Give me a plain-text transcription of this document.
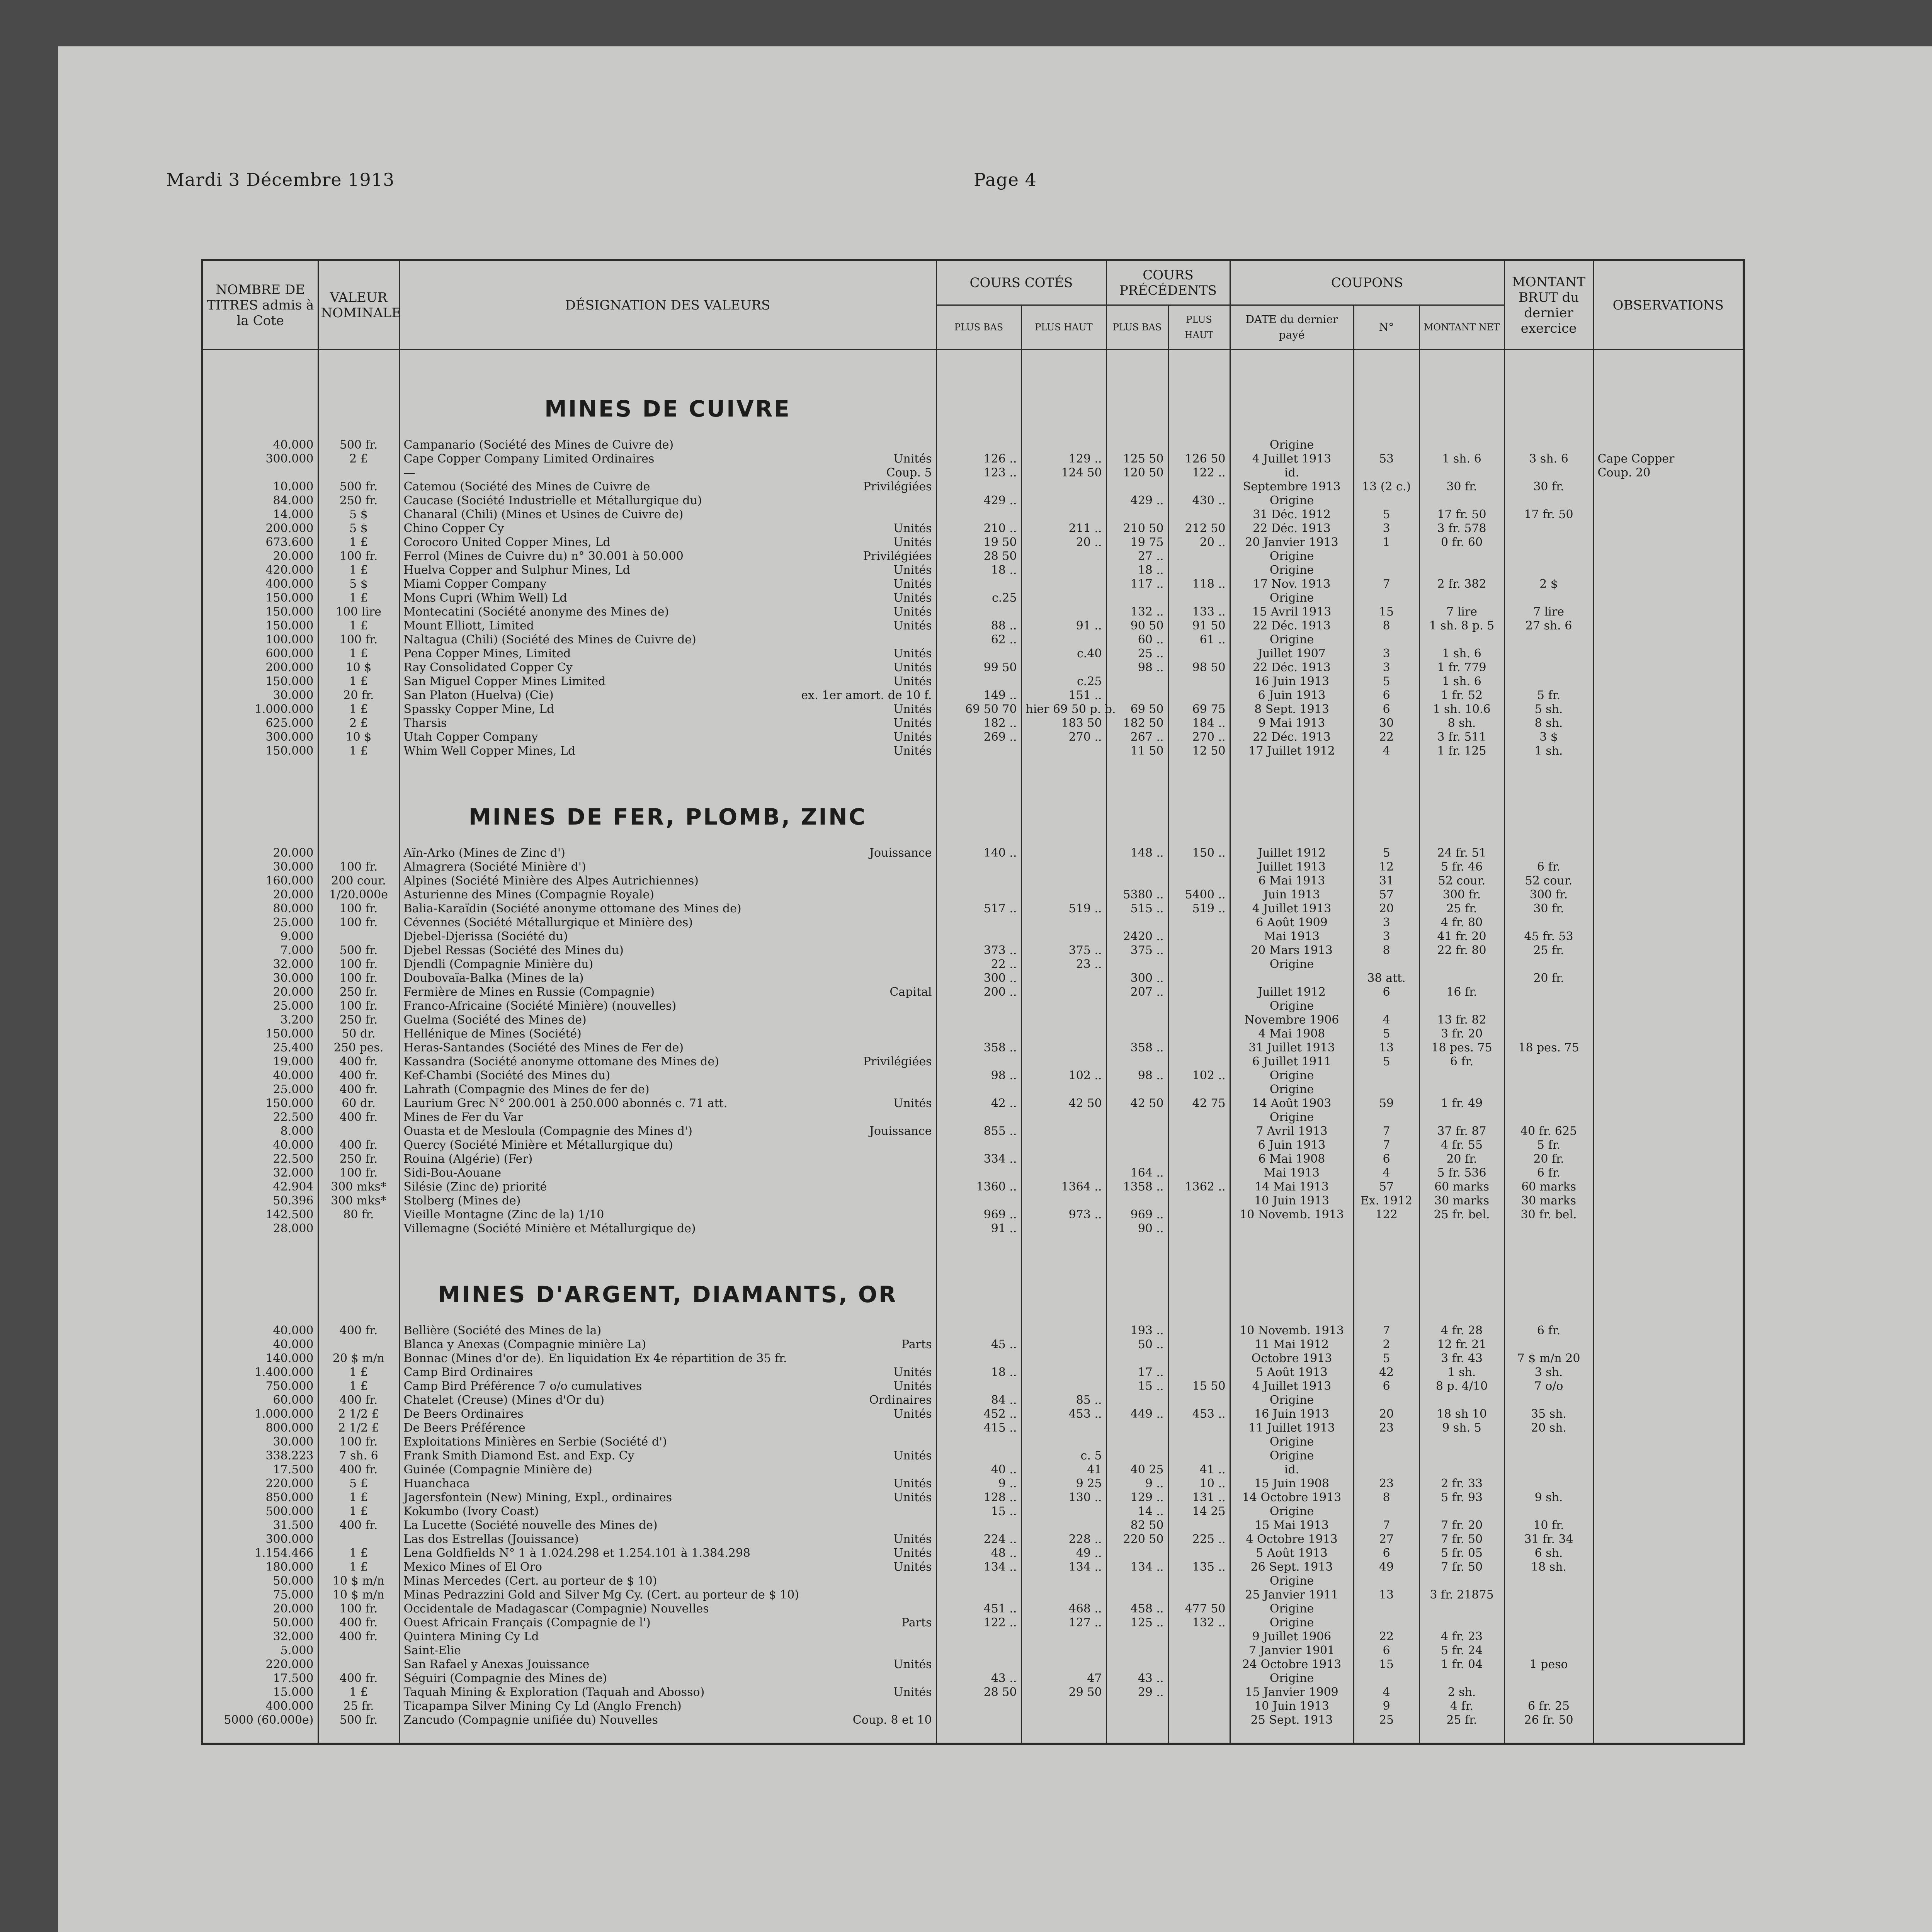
Mardi 3 Décembre 1913	Page 4
NOMBRE DE TITRES admis à la Cote	VALEUR NOMINALE	DÉSIGNATION DES VALEURS	COURS COTÉS		COURS PRÉCÉDENTS		COUPONS			MONTANT BRUT du dernier exercice	OBSERVATIONS
			PLUS BAS	PLUS HAUT	PLUS BAS	PLUS HAUT	DATE du dernier payé	N°	MONTANT NET		

		MINES DE CUIVRE									

40.000	500 fr.	Campanario (Société des Mines de Cuivre de)					Origine				
300.000	2 £	Cape Copper Company Limited Ordinaires Unités	126 ..	129 ..	125 50	126 50	4 Juillet 1913	53	1 sh. 6	3 sh. 6	Cape Copper
		— Coup. 5	123 ..	124 50	120 50	122 ..	id.				Coup. 20
10.000	500 fr.	Catemou (Société des Mines de Cuivre de Privilégiées					Septembre 1913	13 (2 c.)	30 fr.	30 fr.	
84.000	250 fr.	Caucase (Société Industrielle et Métallurgique du)	429 ..		429 ..	430 ..	Origine				
14.000	5 $	Chanaral (Chili) (Mines et Usines de Cuivre de)					31 Déc. 1912	5	17 fr. 50	17 fr. 50	
200.000	5 $	Chino Copper Cy Unités	210 ..	211 ..	210 50	212 50	22 Déc. 1913	3	3 fr. 578		
673.600	1 £	Corocoro United Copper Mines, Ld Unités	19 50	20 ..	19 75	20 ..	20 Janvier 1913	1	0 fr. 60		
20.000	100 fr.	Ferrol (Mines de Cuivre du) n° 30.001 à 50.000 Privilégiées	28 50		27 ..		Origine				
420.000	1 £	Huelva Copper and Sulphur Mines, Ld Unités	18 ..		18 ..		Origine				
400.000	5 $	Miami Copper Company Unités			117 ..	118 ..	17 Nov. 1913	7	2 fr. 382	2 $	
150.000	1 £	Mons Cupri (Whim Well) Ld Unités	c.25				Origine				
150.000	100 lire	Montecatini (Société anonyme des Mines de) Unités			132 ..	133 ..	15 Avril 1913	15	7 lire	7 lire	
150.000	1 £	Mount Elliott, Limited Unités	88 ..	91 ..	90 50	91 50	22 Déc. 1913	8	1 sh. 8 p. 5	27 sh. 6	
100.000	100 fr.	Naltagua (Chili) (Société des Mines de Cuivre de)	62 ..		60 ..	61 ..	Origine				
600.000	1 £	Pena Copper Mines, Limited Unités		c.40	25 ..		Juillet 1907	3	1 sh. 6		
200.000	10 $	Ray Consolidated Copper Cy Unités	99 50		98 ..	98 50	22 Déc. 1913	3	1 fr. 779		
150.000	1 £	San Miguel Copper Mines Limited Unités		c.25			16 Juin 1913	5	1 sh. 6		
30.000	20 fr.	San Platon (Huelva) (Cie) ex. 1er amort. de 10 f.	149 ..	151 ..			6 Juin 1913	6	1 fr. 52	5 fr.	
1.000.000	1 £	Spassky Copper Mine, Ld Unités	69 50 70	hier 69 50 p. b.	69 50	69 75	8 Sept. 1913	6	1 sh. 10.6	5 sh.	
625.000	2 £	Tharsis Unités	182 ..	183 50	182 50	184 ..	9 Mai 1913	30	8 sh.	8 sh.	
300.000	10 $	Utah Copper Company Unités	269 ..	270 ..	267 ..	270 ..	22 Déc. 1913	22	3 fr. 511	3 $	
150.000	1 £	Whim Well Copper Mines, Ld Unités			11 50	12 50	17 Juillet 1912	4	1 fr. 125	1 sh.	

		MINES DE FER, PLOMB, ZINC									

20.000		Aïn-Arko (Mines de Zinc d') Jouissance	140 ..		148 ..	150 ..	Juillet 1912	5	24 fr. 51		
30.000	100 fr.	Almagrera (Société Minière d')					Juillet 1913	12	5 fr. 46	6 fr.	
160.000	200 cour.	Alpines (Société Minière des Alpes Autrichiennes)					6 Mai 1913	31	52 cour.	52 cour.	
20.000	1/20.000e	Asturienne des Mines (Compagnie Royale)			5380 ..	5400 ..	Juin 1913	57	300 fr.	300 fr.	
80.000	100 fr.	Balia-Karaïdin (Société anonyme ottomane des Mines de)	517 ..	519 ..	515 ..	519 ..	4 Juillet 1913	20	25 fr.	30 fr.	
25.000	100 fr.	Cévennes (Société Métallurgique et Minière des)					6 Août 1909	3	4 fr. 80		
9.000		Djebel-Djerissa (Société du)			2420 ..		Mai 1913	3	41 fr. 20	45 fr. 53	
7.000	500 fr.	Djebel Ressas (Société des Mines du)	373 ..	375 ..	375 ..		20 Mars 1913	8	22 fr. 80	25 fr.	
32.000	100 fr.	Djendli (Compagnie Minière du)	22 ..	23 ..			Origine				
30.000	100 fr.	Doubovaïa-Balka (Mines de la)	300 ..		300 ..			38 att.		20 fr.	
20.000	250 fr.	Fermière de Mines en Russie (Compagnie) Capital	200 ..		207 ..		Juillet 1912	6	16 fr.		
25.000	100 fr.	Franco-Africaine (Société Minière) (nouvelles)					Origine				
3.200	250 fr.	Guelma (Société des Mines de)					Novembre 1906	4	13 fr. 82		
150.000	50 dr.	Hellénique de Mines (Société)					4 Mai 1908	5	3 fr. 20		
25.400	250 pes.	Heras-Santandes (Société des Mines de Fer de)	358 ..		358 ..		31 Juillet 1913	13	18 pes. 75	18 pes. 75	
19.000	400 fr.	Kassandra (Société anonyme ottomane des Mines de) Privilégiées					6 Juillet 1911	5	6 fr.		
40.000	400 fr.	Kef-Chambi (Société des Mines du)	98 ..	102 ..	98 ..	102 ..	Origine				
25.000	400 fr.	Lahrath (Compagnie des Mines de fer de)					Origine				
150.000	60 dr.	Laurium Grec N° 200.001 à 250.000 abonnés c. 71 att. Unités	42 ..	42 50	42 50	42 75	14 Août 1903	59	1 fr. 49		
22.500	400 fr.	Mines de Fer du Var					Origine				
8.000		Ouasta et de Mesloula (Compagnie des Mines d') Jouissance	855 ..				7 Avril 1913	7	37 fr. 87	40 fr. 625	
40.000	400 fr.	Quercy (Société Minière et Métallurgique du)					6 Juin 1913	7	4 fr. 55	5 fr.	
22.500	250 fr.	Rouina (Algérie) (Fer)	334 ..				6 Mai 1908	6	20 fr.	20 fr.	
32.000	100 fr.	Sidi-Bou-Aouane			164 ..		Mai 1913	4	5 fr. 536	6 fr.	
42.904	300 mks*	Silésie (Zinc de) priorité	1360 ..	1364 ..	1358 ..	1362 ..	14 Mai 1913	57	60 marks	60 marks	
50.396	300 mks*	Stolberg (Mines de)					10 Juin 1913	Ex. 1912	30 marks	30 marks	
142.500	80 fr.	Vieille Montagne (Zinc de la) 1/10	969 ..	973 ..	969 ..		10 Novemb. 1913	122	25 fr. bel.	30 fr. bel.	
28.000		Villemagne (Société Minière et Métallurgique de)	91 ..		90 ..						

		MINES D'ARGENT, DIAMANTS, OR									

40.000	400 fr.	Bellière (Société des Mines de la)			193 ..		10 Novemb. 1913	7	4 fr. 28	6 fr.	
40.000		Blanca y Anexas (Compagnie minière La) Parts	45 ..		50 ..		11 Mai 1912	2	12 fr. 21		
140.000	20 $ m/n	Bonnac (Mines d'or de). En liquidation Ex 4e répartition de 35 fr.					Octobre 1913	5	3 fr. 43	7 $ m/n 20	
1.400.000	1 £	Camp Bird Ordinaires Unités	18 ..		17 ..		5 Août 1913	42	1 sh.	3 sh.	
750.000	1 £	Camp Bird Préférence 7 o/o cumulatives Unités			15 ..	15 50	4 Juillet 1913	6	8 p. 4/10	7 o/o	
60.000	400 fr.	Chatelet (Creuse) (Mines d'Or du) Ordinaires	84 ..	85 ..			Origine				
1.000.000	2 1/2 £	De Beers Ordinaires Unités	452 ..	453 ..	449 ..	453 ..	16 Juin 1913	20	18 sh 10	35 sh.	
800.000	2 1/2 £	De Beers Préférence	415 ..				11 Juillet 1913	23	9 sh. 5	20 sh.	
30.000	100 fr.	Exploitations Minières en Serbie (Société d')					Origine				
338.223	7 sh. 6	Frank Smith Diamond Est. and Exp. Cy Unités		c. 5			Origine				
17.500	400 fr.	Guinée (Compagnie Minière de)	40 ..	41	40 25	41 ..	id.				
220.000	5 £	Huanchaca Unités	9 ..	9 25	9 ..	10 ..	15 Juin 1908	23	2 fr. 33		
850.000	1 £	Jagersfontein (New) Mining, Expl., ordinaires Unités	128 ..	130 ..	129 ..	131 ..	14 Octobre 1913	8	5 fr. 93	9 sh.	
500.000	1 £	Kokumbo (Ivory Coast)	15 ..		14 ..	14 25	Origine				
31.500	400 fr.	La Lucette (Société nouvelle des Mines de)			82 50		15 Mai 1913	7	7 fr. 20	10 fr.	
300.000		Las dos Estrellas (Jouissance) Unités	224 ..	228 ..	220 50	225 ..	4 Octobre 1913	27	7 fr. 50	31 fr. 34	
1.154.466	1 £	Lena Goldfields N° 1 à 1.024.298 et 1.254.101 à 1.384.298 Unités	48 ..	49 ..			5 Août 1913	6	5 fr. 05	6 sh.	
180.000	1 £	Mexico Mines of El Oro Unités	134 ..	134 ..	134 ..	135 ..	26 Sept. 1913	49	7 fr. 50	18 sh.	
50.000	10 $ m/n	Minas Mercedes (Cert. au porteur de $ 10)					Origine				
75.000	10 $ m/n	Minas Pedrazzini Gold and Silver Mg Cy. (Cert. au porteur de $ 10)					25 Janvier 1911	13	3 fr. 21875		
20.000	100 fr.	Occidentale de Madagascar (Compagnie) Nouvelles	451 ..	468 ..	458 ..	477 50	Origine				
50.000	400 fr.	Ouest Africain Français (Compagnie de l') Parts	122 ..	127 ..	125 ..	132 ..	Origine				
32.000	400 fr.	Quintera Mining Cy Ld					9 Juillet 1906	22	4 fr. 23		
5.000		Saint-Elie					7 Janvier 1901	6	5 fr. 24		
220.000		San Rafael y Anexas Jouissance Unités					24 Octobre 1913	15	1 fr. 04	1 peso	
17.500	400 fr.	Séguiri (Compagnie des Mines de)	43 ..	47	43 ..		Origine				
15.000	1 £	Taquah Mining & Exploration (Taquah and Abosso) Unités	28 50	29 50	29 ..		15 Janvier 1909	4	2 sh.		
400.000	25 fr.	Ticapampa Silver Mining Cy Ld (Anglo French)					10 Juin 1913	9	4 fr.	6 fr. 25	
5000 (60.000e)	500 fr.	Zancudo (Compagnie unifiée du) Nouvelles Coup. 8 et 10					25 Sept. 1913	25	25 fr.	26 fr. 50	
